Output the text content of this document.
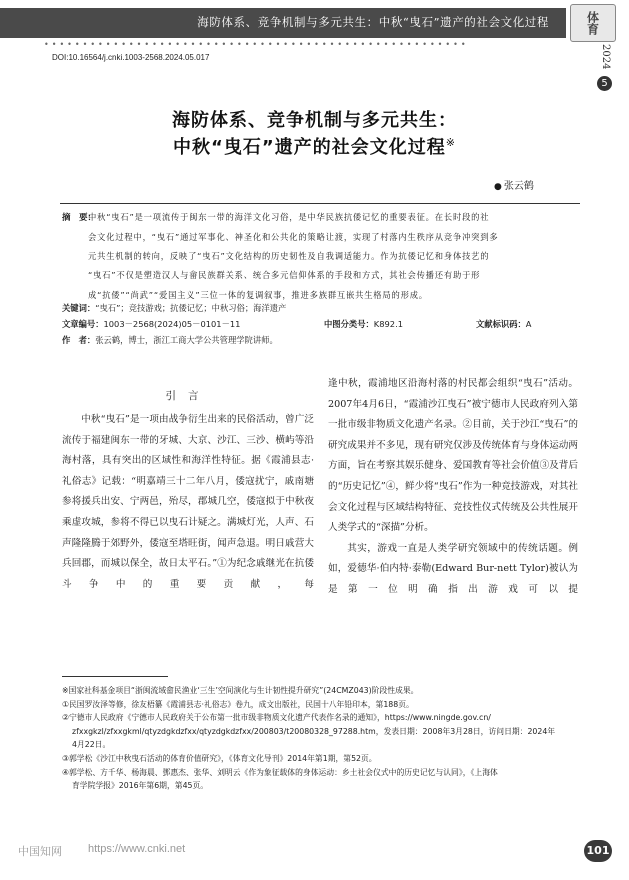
海防体系、竞争机制与多元共生：中秋“曳石”遗产的社会文化过程	体育
•••••••••••••••••••••••••••••••••••••••••••••••••••••••	2024
5
DOI:10.16564/j.cnki.1003-2568.2024.05.017
海防体系、竞争机制与多元共生：
中秋“曳石”遗产的社会文化过程※
● 张云鹤
摘　要：
中秋“曳石”是一项流传于闽东一带的海洋文化习俗，是中华民族抗倭记忆的重要表征。在长时段的社
会文化过程中，“曳石”通过军事化、神圣化和公共化的策略让渡，实现了村落内生秩序从竞争冲突到多
元共生机制的转向，反映了“曳石”文化结构的历史韧性及自我调适能力。作为抗倭记忆和身体技艺的
“曳石”不仅是塑造汉人与畲民族群关系、统合多元信仰体系的手段和方式，其社会传播还有助于形
成“抗倭”“尚武”“爱国主义”三位一体的复调叙事，推进多族群互嵌共生格局的形成。
关键词：“曳石”；竞技游戏；抗倭记忆；中秋习俗；海洋遗产
文章编号：1003－2568(2024)05－0101－11	中图分类号：K892.1	文献标识码：A
作　者：张云鹤，博士，浙江工商大学公共管理学院讲师。
引言

中秋“曳石”是一项由战争衍生出来的民俗活动，曾广泛流传于福建闽东一带的牙城、大京、沙江、三沙、横屿等沿海村落，具有突出的区域性和海洋性特征。据《霞浦县志·礼俗志》记载：“明嘉靖三十二年八月，倭寇扰宁，戚南塘参将援兵出安、宁两邑，殆尽，郡城几空，倭寇拟于中秋夜乘虚攻城，参将不得已以曳石计疑之。满城灯光，人声、石声隆隆腾于郊野外，倭寇至塔旺街，闻声急退。明日戚营大兵回郡，而城以保全，故日太平石。”①为纪念戚继光在抗倭斗争中的重要贡献，每

逢中秋，霞浦地区沿海村落的村民都会组织“曳石”活动。2007年4月6日，“霞浦沙江曳石”被宁德市人民政府列入第一批市级非物质文化遗产名录。②目前，关于沙江“曳石”的研究成果并不多见，现有研究仅涉及传统体育与身体运动两方面，旨在考察其娱乐健身、爱国教育等社会价值③及背后的“历史记忆”④，鲜少将“曳石”作为一种竞技游戏，对其社会文化过程与区域结构特征、竞技性仪式传统及公共性展开人类学式的“深描”分析。

其实，游戏一直是人类学研究领域中的传统话题。例如，爱德华·伯内特·泰勒(Edward Bur-nett Tylor)被认为是第一位明确指出游戏可以提

※国家社科基金项目“浙闽流域畲民渔业‘三生’空间演化与生计韧性提升研究”(24CMZ043)阶段性成果。
①民国罗汝泽等修，徐友梧纂《霞浦县志·礼俗志》卷九，成文出版社，民国十八年铅印本，第188页。
②宁德市人民政府《宁德市人民政府关于公布第一批市级非物质文化遗产代表作名录的通知》，https://www.ningde.gov.cn/
zfxxgkzl/zfxxgkml/qtyzdgkdzfxx/qtyzdgkdzfxx/200803/t20080328_97288.htm，发表日期：2008年3月28日，访问日期：2024年
4月22日。
③郭学松《沙江中秋曳石活动的体育价值研究》，《体育文化导刊》2014年第1期，第52页。
④郭学松、方千华、杨海晨、鄧惠杰、张华、刘明云《作为象征载体的身体运动：乡土社会仪式中的历史记忆与认同》，《上海体
育学院学报》2016年第6期，第45页。
中国知网 https://www.cnki.net	101
